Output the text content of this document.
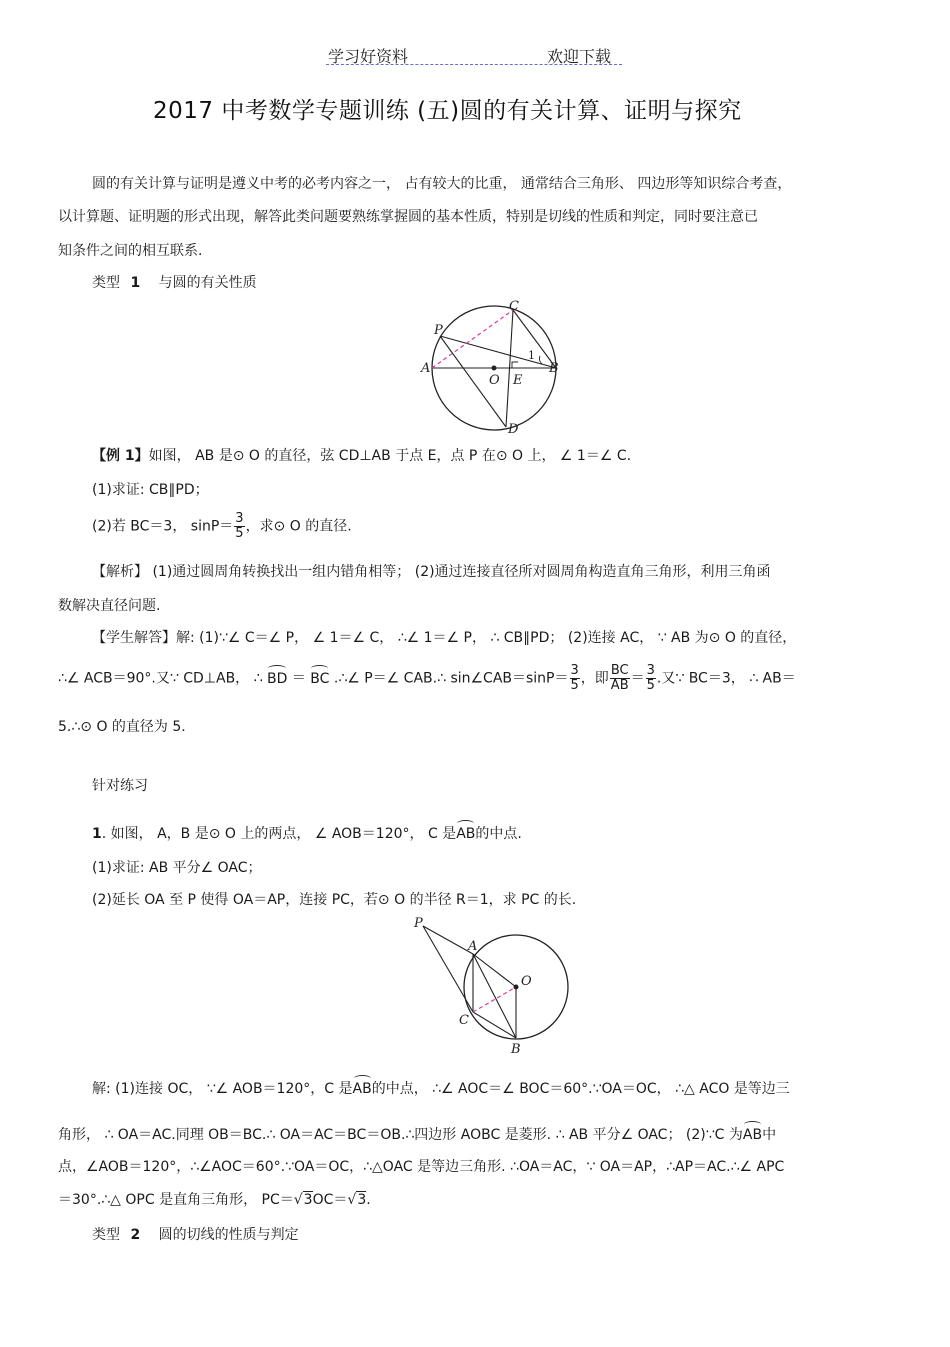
学习好资料	欢迎下载
2017 中考数学专题训练 (五)圆的有关计算、证明与探究
圆的有关计算与证明是遵义中考的必考内容之一， 占有较大的比重， 通常结合三角形、 四边形等知识综合考查，
以计算题、证明题的形式出现，解答此类问题要熟练掌握圆的基本性质，特别是切线的性质和判定，同时要注意已
知条件之间的相互联系.
类型 1 与圆的有关性质
C
P
A	B
O E
D
1
【例 1】如图， AB 是⊙ O 的直径，弦 CD⊥AB 于点 E，点 P 在⊙ O 上， ∠ 1＝∠ C.
(1)求证: CB∥PD；
(2)若 BC＝3， $\sin P= \frac{3}{5}$ ，求⊙ O 的直径.
【解析】 (1)通过圆周角转换找出一组内错角相等； (2)通过连接直径所对圆周角构造直角三角形，利用三角函
数解决直径问题.
【学生解答】解: (1)∵∠ C＝∠ P， ∠ 1＝∠ C， ∴∠ 1＝∠ P， ∴ CB∥PD； (2)连接 AC， ∵ AB 为⊙ O 的直径，
∴∠ ACB＝90°.又∵ CD⊥AB， ∴ BD ＝ BC .∴∠ P＝∠ CAB.∴ sin∠CAB＝sinP＝ $\frac{3}{5}$ ，即 $\frac{BC}{AB} = \frac{3}{5}$ .又∵ BC＝3， ∴ AB＝
5.∴⊙ O 的直径为 5.
针对练习
1. 如图， A，B 是⊙ O 上的两点， ∠ AOB＝120°， C 是AB的中点.
(1)求证: AB 平分∠ OAC；
(2)延长 OA 至 P 使得 OA＝AP，连接 PC，若⊙ O 的半径 R＝1，求 PC 的长.
P
A
O
C
B
解: (1)连接 OC， ∵∠ AOB＝120°，C 是AB的中点， ∴∠ AOC＝∠ BOC＝60°.∵OA＝OC， ∴△ ACO 是等边三
角形， ∴ OA＝AC.同理 OB＝BC.∴ OA＝AC＝BC＝OB.∴四边形 AOBC 是菱形. ∴ AB 平分∠ OAC； (2)∵C 为AB中
点，∠AOB＝120°，∴∠AOC＝60°.∵OA＝OC，∴△OAC 是等边三角形. ∴OA＝AC，∵ OA＝AP，∴AP＝AC.∴∠ APC
＝30°.∴△ OPC 是直角三角形， PC＝√3OC＝√3.
类型 2 圆的切线的性质与判定
